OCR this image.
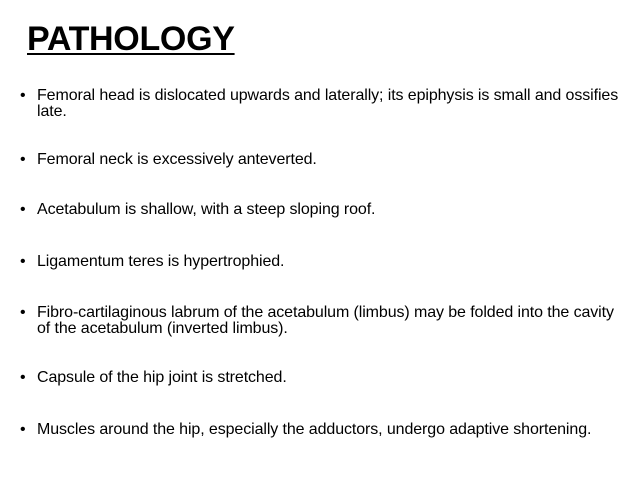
PATHOLOGY
• Femoral head is dislocated upwards and laterally; its epiphysis is small and ossifies late.
• Femoral neck is excessively anteverted.
• Acetabulum is shallow, with a steep sloping roof.
• Ligamentum teres is hypertrophied.
• Fibro-cartilaginous labrum of the acetabulum (limbus) may be folded into the cavity of the acetabulum (inverted limbus).
• Capsule of the hip joint is stretched.
• Muscles around the hip, especially the adductors, undergo adaptive shortening.
